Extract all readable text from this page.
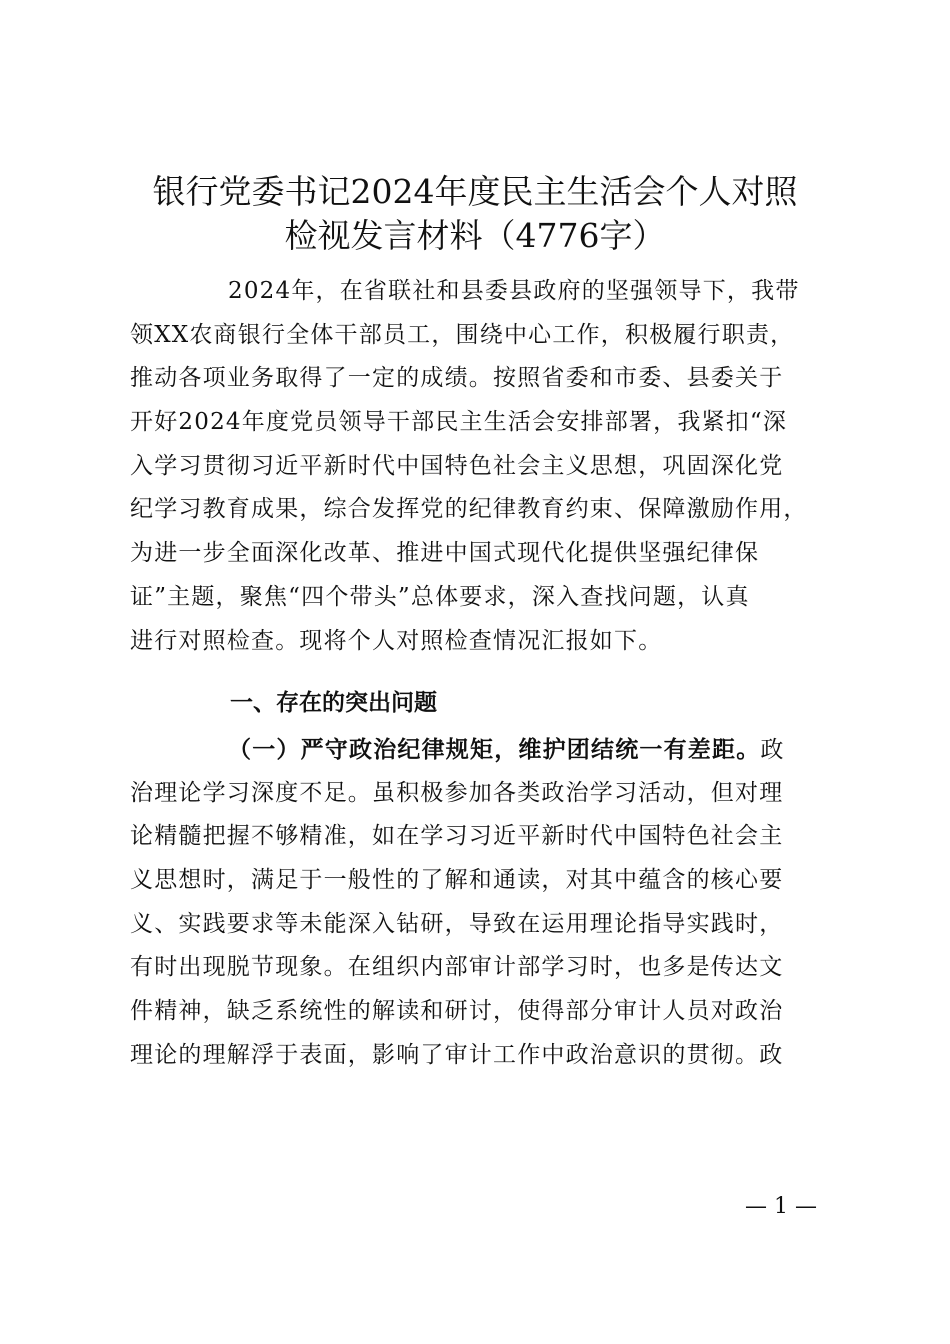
银行党委书记2024年度民主生活会个人对照
检视发言材料（4776字）
2024年，在省联社和县委县政府的坚强领导下，我带
领XX农商银行全体干部员工，围绕中心工作，积极履行职责，
推动各项业务取得了一定的成绩。按照省委和市委、县委关于
开好2024年度党员领导干部民主生活会安排部署，我紧扣“深
入学习贯彻习近平新时代中国特色社会主义思想，巩固深化党
纪学习教育成果，综合发挥党的纪律教育约束、保障激励作用，
为进一步全面深化改革、推进中国式现代化提供坚强纪律保
证”主题，聚焦“四个带头”总体要求，深入查找问题，认真
进行对照检查。现将个人对照检查情况汇报如下。
一、存在的突出问题
（一）严守政治纪律规矩，维护团结统一有差距。政
治理论学习深度不足。虽积极参加各类政治学习活动，但对理
论精髓把握不够精准，如在学习习近平新时代中国特色社会主
义思想时，满足于一般性的了解和通读，对其中蕴含的核心要
义、实践要求等未能深入钻研，导致在运用理论指导实践时，
有时出现脱节现象。在组织内部审计部学习时，也多是传达文
件精神，缺乏系统性的解读和研讨，使得部分审计人员对政治
理论的理解浮于表面，影响了审计工作中政治意识的贯彻。政
— 1 —
